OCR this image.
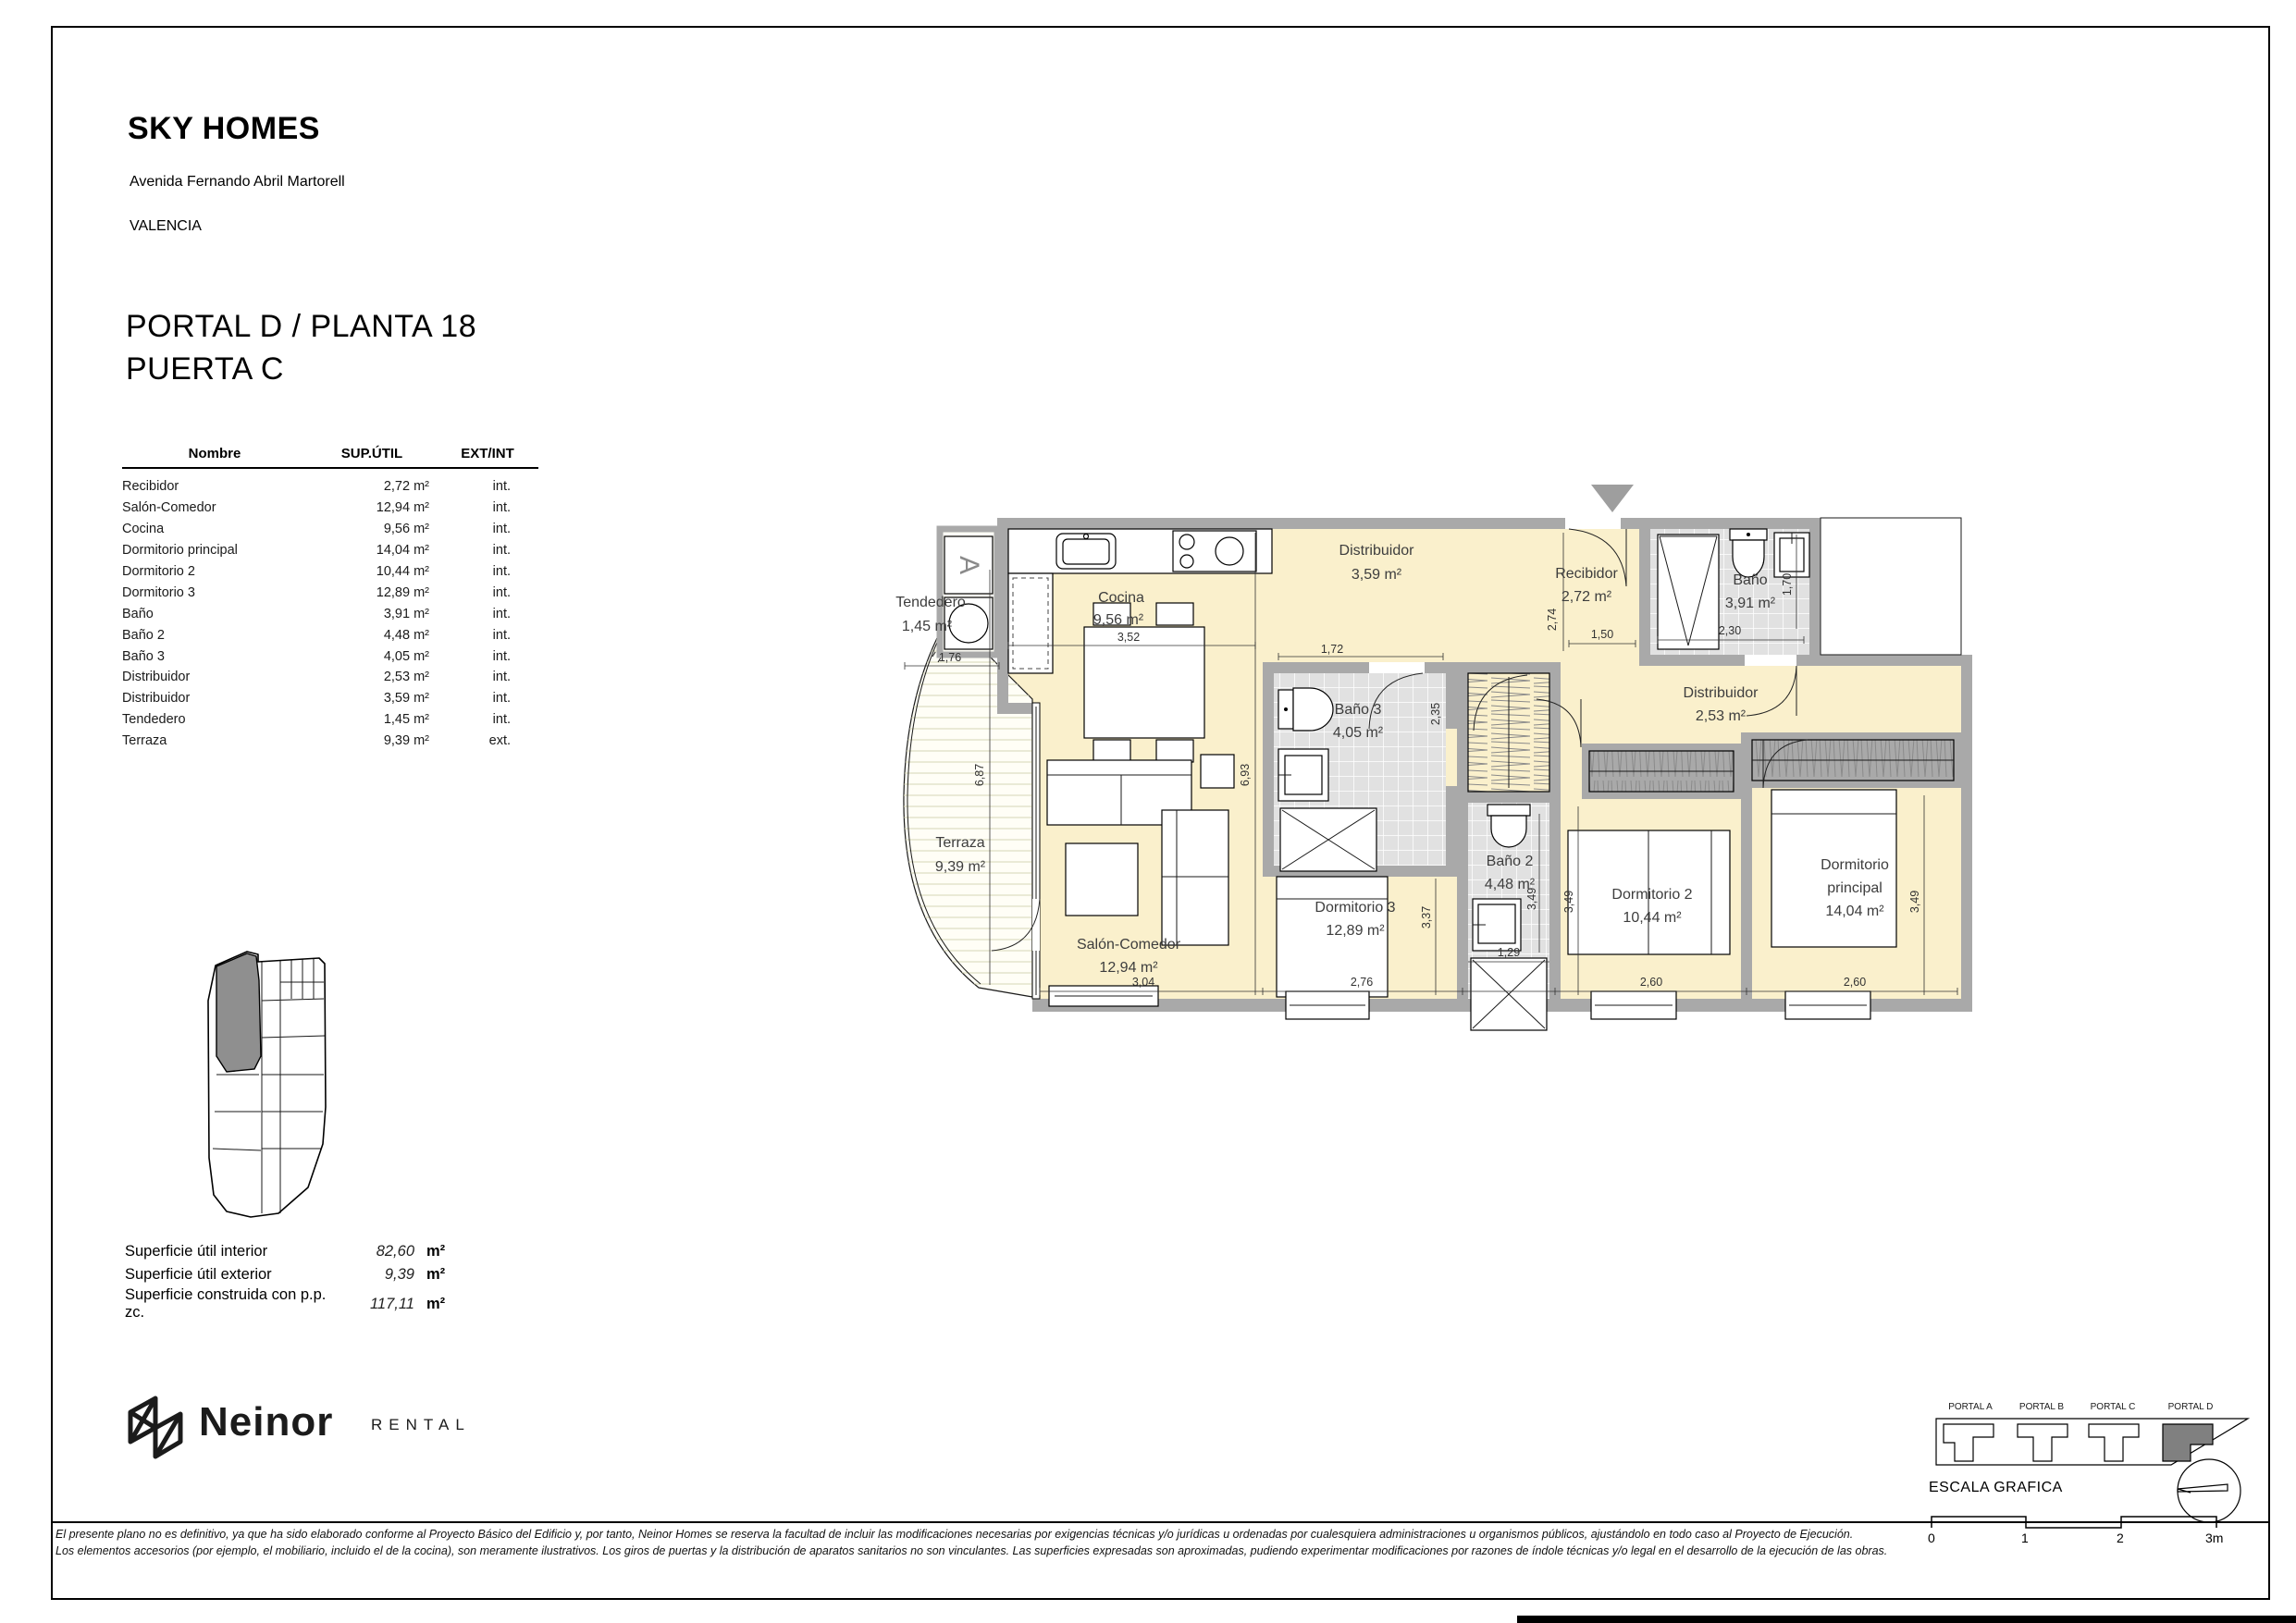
SKY HOMES
Avenida Fernando Abril Martorell
VALENCIA
PORTAL D / PLANTA 18
PUERTA C
Nombre	SUP.ÚTIL	EXT/INT
Recibidor	2,72 m²	int.
Salón-Comedor	12,94 m²	int.
Cocina	9,56 m²	int.
Dormitorio principal	14,04 m²	int.
Dormitorio 2	10,44 m²	int.
Dormitorio 3	12,89 m²	int.
Baño	3,91 m²	int.
Baño 2	4,48 m²	int.
Baño 3	4,05 m²	int.
Distribuidor	2,53 m²	int.
Distribuidor	3,59 m²	int.
Tendedero	1,45 m²	int.
Terraza	9,39 m²	ext.
Superficie útil interior	82,60 m²
Superficie útil exterior	9,39 m²
Superficie construida con p.p. zc.
117,11 m²
Neinor RENTAL
A
Tendedero
1,45 m²
Cocina
9,56 m²
Distribuidor
3,59 m²	Recibidor
2,72 m²
Baño
3,91 m²
Distribuidor
2,53 m²
Baño 3
4,05 m²
Baño 2
4,48 m²
Dormitorio 3
12,89 m²
Dormitorio 2
10,44 m²
Dormitorio
principal
14,04 m²
Salón-Comedor
12,94 m²
Terraza
9,39 m²
3,52
1,76
6,87	6,93
1,72
2,35
2,74
1,50	2,30
1,70
3,37
2,76
3,49
1,29
3,49
2,60
3,49
2,60
3,04
PORTAL A	PORTAL B	PORTAL C	PORTAL D
ESCALA GRAFICA
0	1	2	3m
El presente plano no es definitivo, ya que ha sido elaborado conforme al Proyecto Básico del Edificio y, por tanto, Neinor Homes se reserva la facultad de incluir las modificaciones necesarias por exigencias técnicas y/o jurídicas u ordenadas por cualesquiera administraciones u organismos públicos, ajustándolo en todo caso al Proyecto de Ejecución.
Los elementos accesorios (por ejemplo, el mobiliario, incluido el de la cocina), son meramente ilustrativos. Los giros de puertas y la distribución de aparatos sanitarios no son vinculantes. Las superficies expresadas son aproximadas, pudiendo experimentar modificaciones por razones de índole técnicas y/o legal en el desarrollo de la ejecución de las obras.
